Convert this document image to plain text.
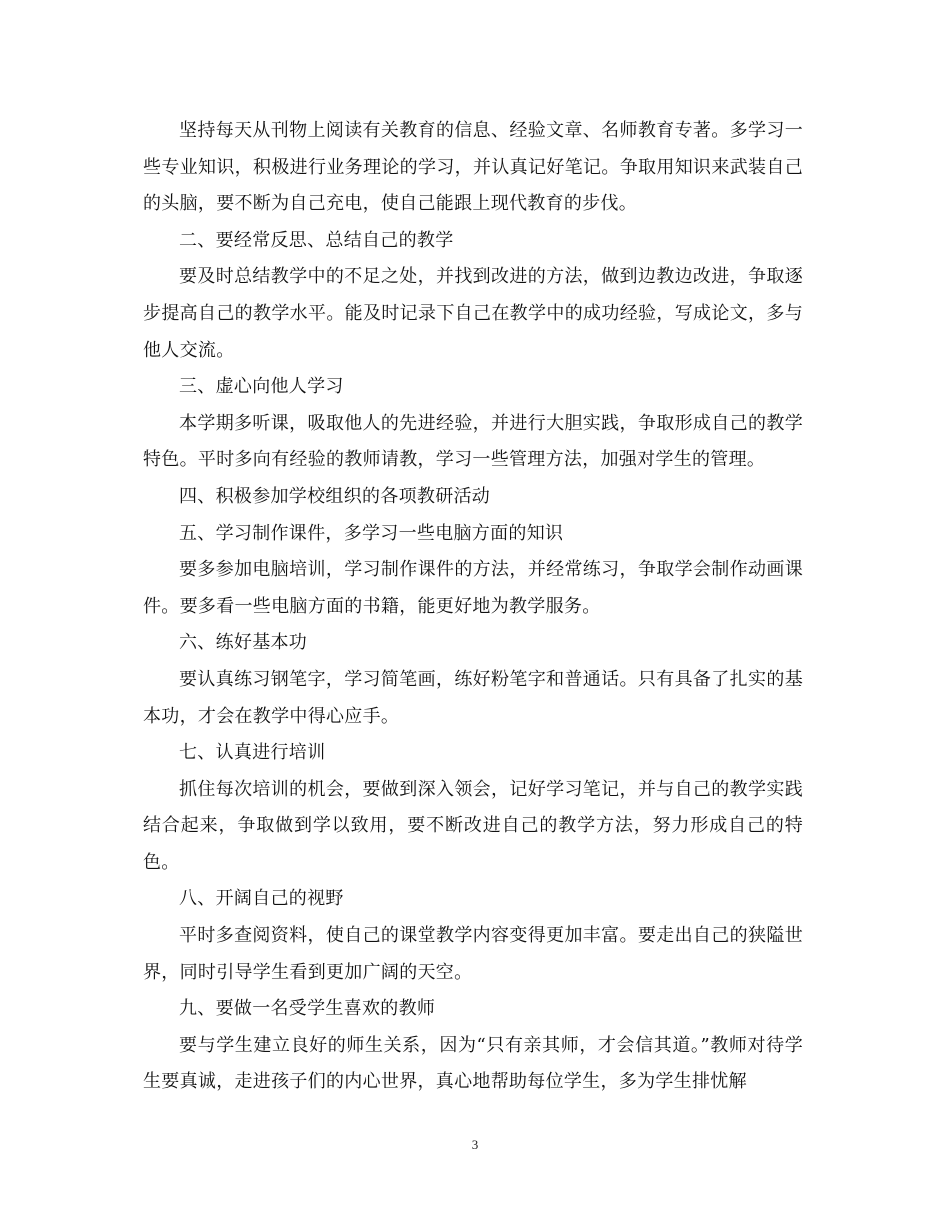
坚持每天从刊物上阅读有关教育的信息、经验文章、名师教育专著。多学习一些专业知识，积极进行业务理论的学习，并认真记好笔记。争取用知识来武装自己的头脑，要不断为自己充电，使自己能跟上现代教育的步伐。

二、要经常反思、总结自己的教学

要及时总结教学中的不足之处，并找到改进的方法，做到边教边改进，争取逐步提高自己的教学水平。能及时记录下自己在教学中的成功经验，写成论文，多与他人交流。

三、虚心向他人学习

本学期多听课，吸取他人的先进经验，并进行大胆实践，争取形成自己的教学特色。平时多向有经验的教师请教，学习一些管理方法，加强对学生的管理。

四、积极参加学校组织的各项教研活动

五、学习制作课件，多学习一些电脑方面的知识

要多参加电脑培训，学习制作课件的方法，并经常练习，争取学会制作动画课件。要多看一些电脑方面的书籍，能更好地为教学服务。

六、练好基本功

要认真练习钢笔字，学习简笔画，练好粉笔字和普通话。只有具备了扎实的基本功，才会在教学中得心应手。

七、认真进行培训

抓住每次培训的机会，要做到深入领会，记好学习笔记，并与自己的教学实践结合起来，争取做到学以致用，要不断改进自己的教学方法，努力形成自己的特色。

八、开阔自己的视野

平时多查阅资料，使自己的课堂教学内容变得更加丰富。要走出自己的狭隘世界，同时引导学生看到更加广阔的天空。

九、要做一名受学生喜欢的教师

要与学生建立良好的师生关系，因为“只有亲其师，才会信其道。”教师对待学生要真诚，走进孩子们的内心世界，真心地帮助每位学生，多为学生排忧解

3
